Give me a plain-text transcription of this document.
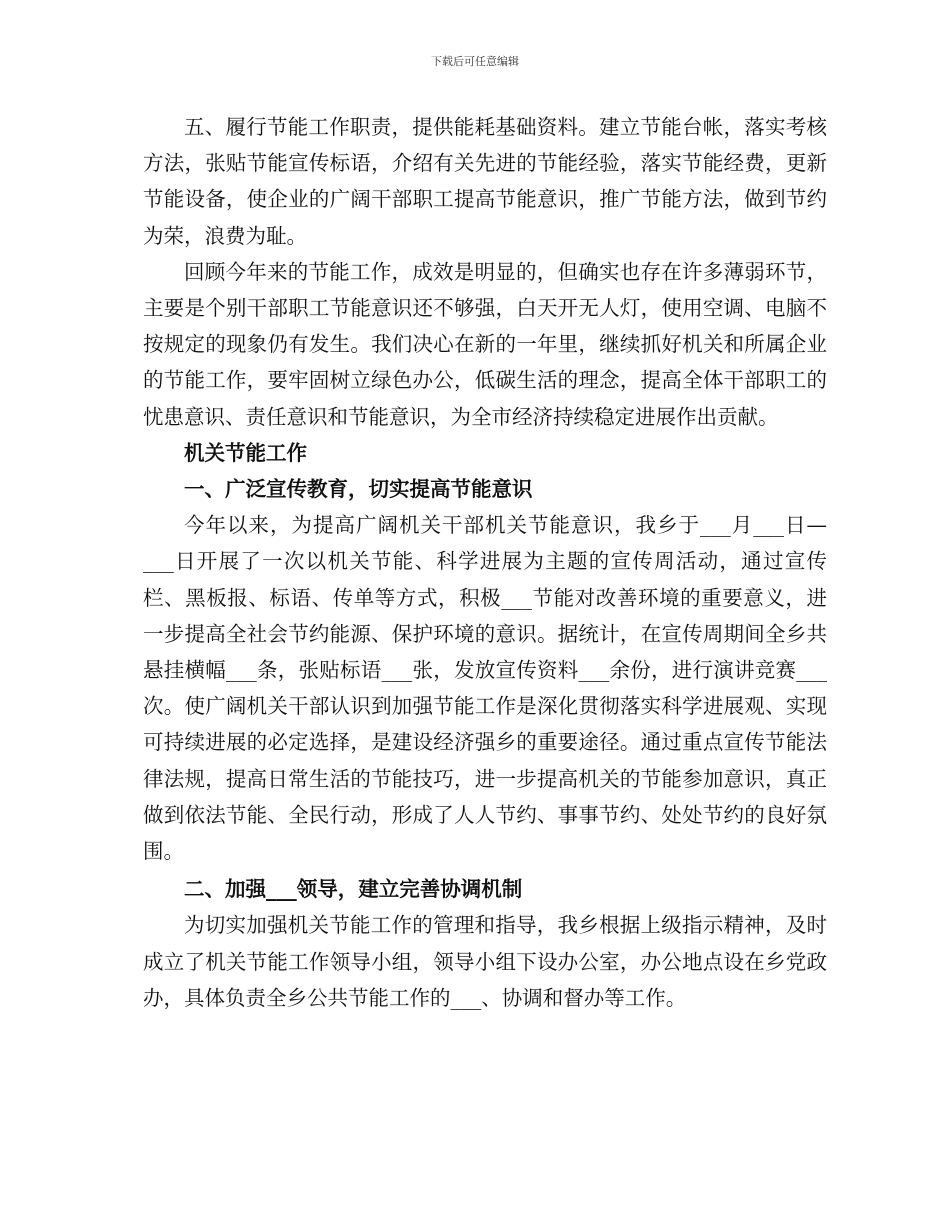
下载后可任意编辑

五、履行节能工作职责，提供能耗基础资料。建立节能台帐，落实考核方法，张贴节能宣传标语，介绍有关先进的节能经验，落实节能经费，更新节能设备，使企业的广阔干部职工提高节能意识，推广节能方法，做到节约为荣，浪费为耻。

回顾今年来的节能工作，成效是明显的，但确实也存在许多薄弱环节，主要是个别干部职工节能意识还不够强，白天开无人灯，使用空调、电脑不按规定的现象仍有发生。我们决心在新的一年里，继续抓好机关和所属企业的节能工作，要牢固树立绿色办公，低碳生活的理念，提高全体干部职工的忧患意识、责任意识和节能意识，为全市经济持续稳定进展作出贡献。

机关节能工作

一、广泛宣传教育，切实提高节能意识

今年以来，为提高广阔机关干部机关节能意识，我乡于___月___日—___日开展了一次以机关节能、科学进展为主题的宣传周活动，通过宣传栏、黑板报、标语、传单等方式，积极___节能对改善环境的重要意义，进一步提高全社会节约能源、保护环境的意识。据统计，在宣传周期间全乡共悬挂横幅___条，张贴标语___张，发放宣传资料___余份，进行演讲竞赛___次。使广阔机关干部认识到加强节能工作是深化贯彻落实科学进展观、实现可持续进展的必定选择，是建设经济强乡的重要途径。通过重点宣传节能法律法规，提高日常生活的节能技巧，进一步提高机关的节能参加意识，真正做到依法节能、全民行动，形成了人人节约、事事节约、处处节约的良好氛围。

二、加强___领导，建立完善协调机制

为切实加强机关节能工作的管理和指导，我乡根据上级指示精神，及时成立了机关节能工作领导小组，领导小组下设办公室，办公地点设在乡党政办，具体负责全乡公共节能工作的___、协调和督办等工作。
